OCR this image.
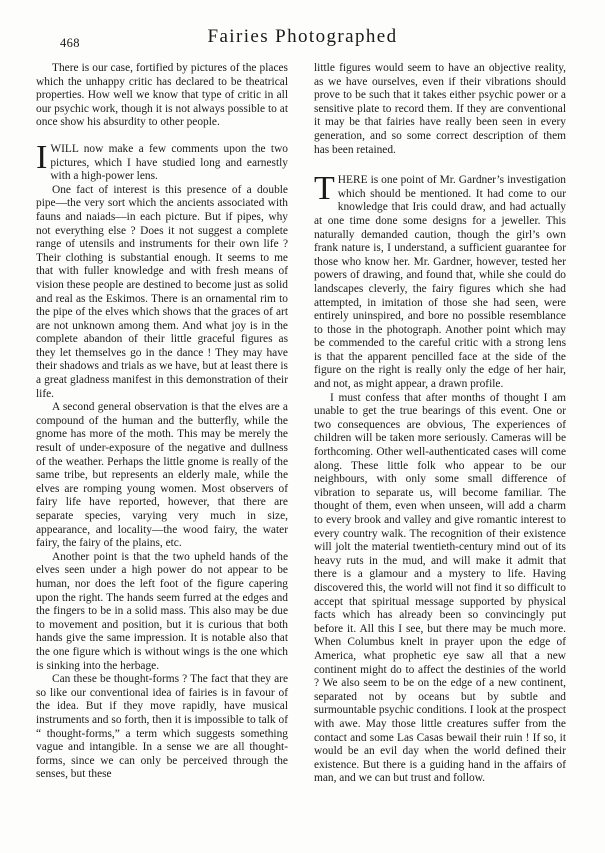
468	Fairies Photographed

There is our case, fortified by pictures of the places which the unhappy critic has declared to be theatrical properties. How well we know that type of critic in all our psychic work, though it is not always possible to at once show his absurdity to other people.

IWILL now make a few comments upon the two pictures, which I have studied long and earnestly with a high-power lens.

One fact of interest is this presence of a double pipe—the very sort which the ancients associated with fauns and naiads—in each picture. But if pipes, why not everything else ? Does it not suggest a complete range of utensils and instruments for their own life ? Their clothing is substantial enough. It seems to me that with fuller knowledge and with fresh means of vision these people are destined to become just as solid and real as the Eskimos. There is an ornamental rim to the pipe of the elves which shows that the graces of art are not unknown among them. And what joy is in the complete abandon of their little graceful figures as they let themselves go in the dance ! They may have their shadows and trials as we have, but at least there is a great gladness manifest in this demonstration of their life.

A second general observation is that the elves are a compound of the human and the butterfly, while the gnome has more of the moth. This may be merely the result of under-exposure of the negative and dullness of the weather. Perhaps the little gnome is really of the same tribe, but represents an elderly male, while the elves are romping young women. Most observers of fairy life have reported, however, that there are separate species, varying very much in size, appearance, and locality—the wood fairy, the water fairy, the fairy of the plains, etc.

Another point is that the two upheld hands of the elves seen under a high power do not appear to be human, nor does the left foot of the figure capering upon the right. The hands seem furred at the edges and the fingers to be in a solid mass. This also may be due to movement and position, but it is curious that both hands give the same impression. It is notable also that the one figure which is without wings is the one which is sinking into the herbage.

Can these be thought-forms ? The fact that they are so like our conventional idea of fairies is in favour of the idea. But if they move rapidly, have musical instruments and so forth, then it is impossible to talk of “ thought-forms,” a term which suggests something vague and intangible. In a sense we are all thought-forms, since we can only be perceived through the senses, but these

little figures would seem to have an objective reality, as we have ourselves, even if their vibrations should prove to be such that it takes either psychic power or a sensitive plate to record them. If they are conventional it may be that fairies have really been seen in every generation, and so some correct description of them has been retained.

THERE is one point of Mr. Gardner’s investigation which should be mentioned. It had come to our knowledge that Iris could draw, and had actually at one time done some designs for a jeweller. This naturally demanded caution, though the girl’s own frank nature is, I understand, a sufficient guarantee for those who know her. Mr. Gardner, however, tested her powers of drawing, and found that, while she could do landscapes cleverly, the fairy figures which she had attempted, in imitation of those she had seen, were entirely uninspired, and bore no possible resemblance to those in the photograph. Another point which may be commended to the careful critic with a strong lens is that the apparent pencilled face at the side of the figure on the right is really only the edge of her hair, and not, as might appear, a drawn profile.

I must confess that after months of thought I am unable to get the true bearings of this event. One or two consequences are obvious, The experiences of children will be taken more seriously. Cameras will be forthcoming. Other well-authenticated cases will come along. These little folk who appear to be our neighbours, with only some small difference of vibration to separate us, will become familiar. The thought of them, even when unseen, will add a charm to every brook and valley and give romantic interest to every country walk. The recognition of their existence will jolt the material twentieth-century mind out of its heavy ruts in the mud, and will make it admit that there is a glamour and a mystery to life. Having discovered this, the world will not find it so difficult to accept that spiritual message supported by physical facts which has already been so convincingly put before it. All this I see, but there may be much more. When Columbus knelt in prayer upon the edge of America, what prophetic eye saw all that a new continent might do to affect the destinies of the world ? We also seem to be on the edge of a new continent, separated not by oceans but by subtle and surmountable psychic conditions. I look at the prospect with awe. May those little creatures suffer from the contact and some Las Casas bewail their ruin ! If so, it would be an evil day when the world defined their existence. But there is a guiding hand in the affairs of man, and we can but trust and follow.
